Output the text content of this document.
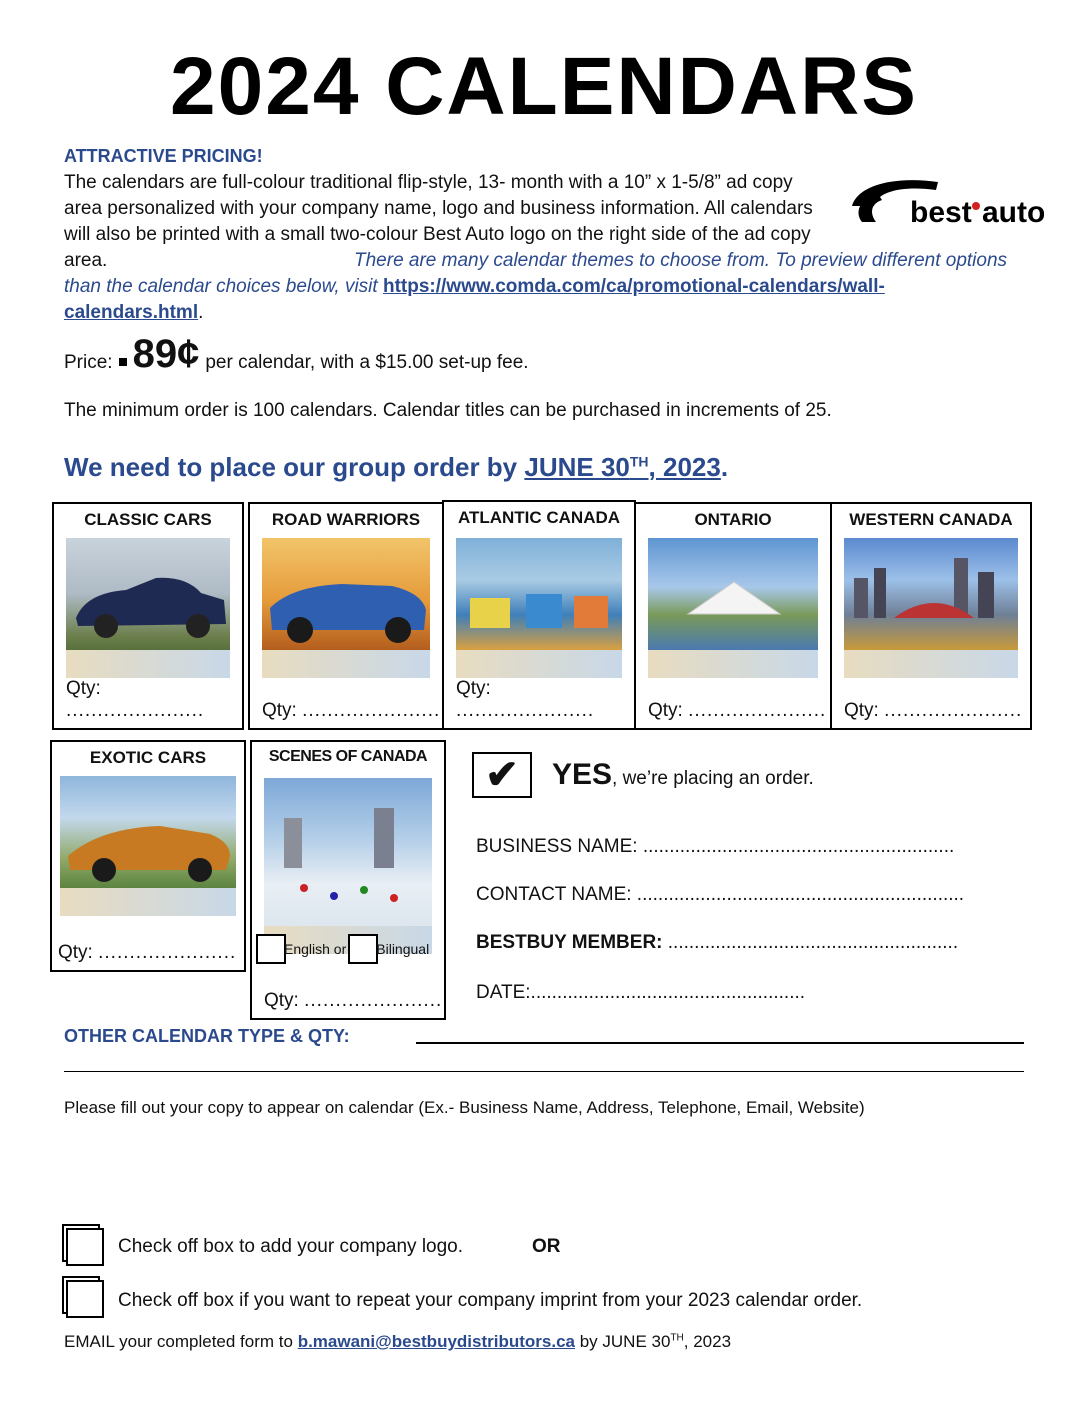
2024 CALENDARS
ATTRACTIVE PRICING!
The calendars are full-colour traditional flip-style, 13- month with a 10” x 1-5/8” ad copy area personalized with your company name, logo and business information. All calendars will also be printed with a small two-colour Best Auto logo on the right side of the ad copy area.	There are many calendar themes to choose from. To preview different options than the calendar choices below, visit https://www.comda.com/ca/promotional-calendars/wall-calendars.html.
best auto
Price: 89¢ per calendar, with a $15.00 set-up fee.
The minimum order is 100 calendars. Calendar titles can be purchased in increments of 25.
We need to place our group order by JUNE 30TH, 2023.
CLASSIC CARS
Qty: ......................
ROAD WARRIORS
Qty: ......................
ATLANTIC CANADA
Qty: ......................
ONTARIO
Qty: ......................
WESTERN CANADA
Qty: ......................
EXOTIC CARS
Qty: ......................
SCENES OF CANADA
English or Bilingual
Qty: ......................
✔	YES, we’re placing an order.
BUSINESS NAME: ...........................................................
CONTACT NAME: ..............................................................
BESTBUY MEMBER: .......................................................
DATE:....................................................
OTHER CALENDAR TYPE & QTY:
Please fill out your copy to appear on calendar (Ex.- Business Name, Address, Telephone, Email, Website)
Check off box to add your company logo.	OR
Check off box if you want to repeat your company imprint from your 2023 calendar order.
EMAIL your completed form to b.mawani@bestbuydistributors.ca by JUNE 30TH, 2023
